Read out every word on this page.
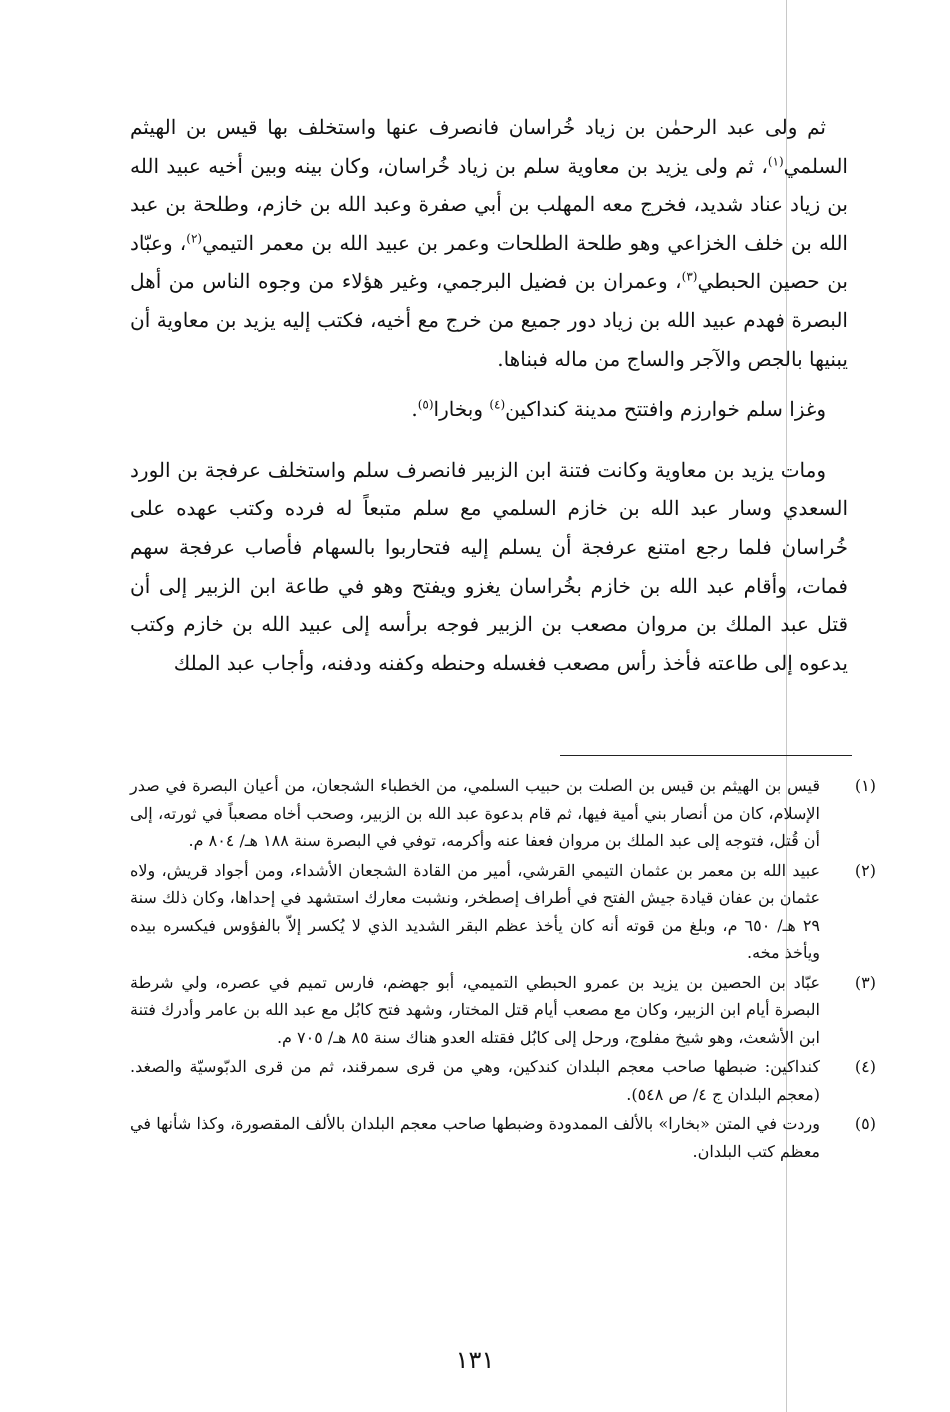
ثم ولى عبد الرحمٰن بن زياد خُراسان فانصرف عنها واستخلف بها قيس بن الهيثم السلمي$^{(١)}$، ثم ولى يزيد بن معاوية سلم بن زياد خُراسان، وكان بينه وبين أخيه عبيد الله بن زياد عناد شديد، فخرج معه المهلب بن أبي صفرة وعبد الله بن خازم، وطلحة بن عبد الله بن خلف الخزاعي وهو طلحة الطلحات وعمر بن عبيد الله بن معمر التيمي$^{(٢)}$، وعبّاد بن حصين الحبطي$^{(٣)}$، وعمران بن فضيل البرجمي، وغير هؤلاء من وجوه الناس من أهل البصرة فهدم عبيد الله بن زياد دور جميع من خرج مع أخيه، فكتب إليه يزيد بن معاوية أن يبنيها بالجص والآجر والساج من ماله فبناها.

وغزا سلم خوارزم وافتتح مدينة كنداكين$^{(٤)}$ وبخارا$^{(٥)}$.

ومات يزيد بن معاوية وكانت فتنة ابن الزبير فانصرف سلم واستخلف عرفجة بن الورد السعدي وسار عبد الله بن خازم السلمي مع سلم متبعاً له فرده وكتب عهده على خُراسان فلما رجع امتنع عرفجة أن يسلم إليه فتحاربوا بالسهام فأصاب عرفجة سهم فمات، وأقام عبد الله بن خازم بخُراسان يغزو ويفتح وهو في طاعة ابن الزبير إلى أن قتل عبد الملك بن مروان مصعب بن الزبير فوجه برأسه إلى عبيد الله بن خازم وكتب يدعوه إلى طاعته فأخذ رأس مصعب فغسله وحنطه وكفنه ودفنه، وأجاب عبد الملك

(١)
قيس بن الهيثم بن قيس بن الصلت بن حبيب السلمي، من الخطباء الشجعان، من أعيان البصرة في صدر الإسلام، كان من أنصار بني أمية فيها، ثم قام بدعوة عبد الله بن الزبير، وصحب أخاه مصعباً في ثورته، إلى أن قُتل، فتوجه إلى عبد الملك بن مروان فعفا عنه وأكرمه، توفي في البصرة سنة ١٨٨ هـ/ ٨٠٤ م.
(٢)
عبيد الله بن معمر بن عثمان التيمي القرشي، أمير من القادة الشجعان الأشداء، ومن أجواد قريش، ولاه عثمان بن عفان قيادة جيش الفتح في أطراف إصطخر، ونشبت معارك استشهد في إحداها، وكان ذلك سنة ٢٩ هـ/ ٦٥٠ م، وبلغ من قوته أنه كان يأخذ عظم البقر الشديد الذي لا يُكسر إلاّ بالفؤوس فيكسره بيده ويأخذ مخه.
(٣)
عبّاد بن الحصين بن يزيد بن عمرو الحبطي التميمي، أبو جهضم، فارس تميم في عصره، ولي شرطة البصرة أيام ابن الزبير، وكان مع مصعب أيام قتل المختار، وشهد فتح كابُل مع عبد الله بن عامر وأدرك فتنة ابن الأشعث، وهو شيخ مفلوج، ورحل إلى كابُل فقتله العدو هناك سنة ٨٥ هـ/ ٧٠٥ م.
(٤)
كنداكين: ضبطها صاحب معجم البلدان كندكين، وهي من قرى سمرقند، ثم من قرى الدبّوسيّة والصغد. (معجم البلدان ج ٤/ ص ٥٤٨).
(٥)
وردت في المتن «بخارا» بالألف الممدودة وضبطها صاحب معجم البلدان بالألف المقصورة، وكذا شأنها في معظم كتب البلدان.
١٣١
